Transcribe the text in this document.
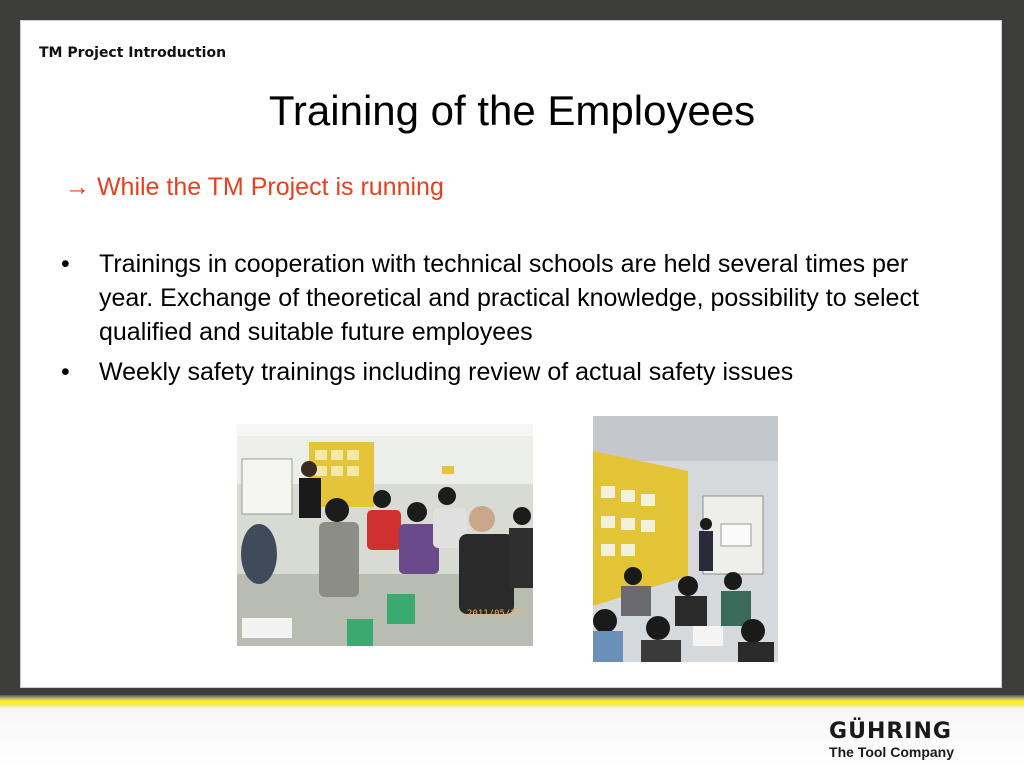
TM Project Introduction
Training of the Employees
→ While the TM Project is running
• Trainings in cooperation with technical schools are held several times per year. Exchange of theoretical and practical knowledge, possibility to select qualified and suitable future employees
• Weekly safety trainings including review of actual safety issues
2011/05/27
GÜHRING
The Tool Company
